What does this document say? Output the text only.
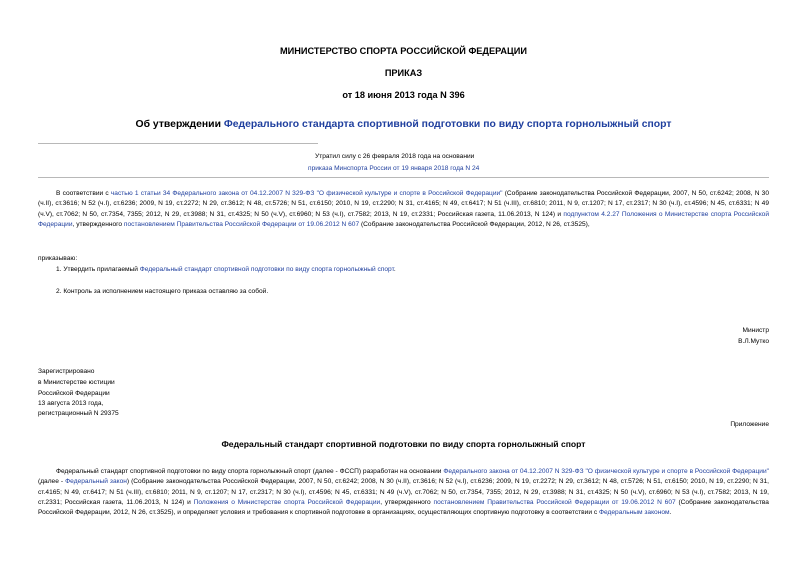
МИНИСТЕРСТВО СПОРТА РОССИЙСКОЙ ФЕДЕРАЦИИ
ПРИКАЗ
от 18 июня 2013 года N 396
Об утверждении Федерального стандарта спортивной подготовки по виду спорта горнолыжный спорт
Утратил силу с 26 февраля 2018 года на основании
приказа Минспорта России от 19 января 2018 года N 24
В соответствии с частью 1 статьи 34 Федерального закона от 04.12.2007 N 329-ФЗ "О физической культуре и спорте в Российской Федерации" (Собрание законодательства Российской Федерации, 2007, N 50, ст.6242; 2008, N 30 (ч.II), ст.3616; N 52 (ч.I), ст.6236; 2009, N 19, ст.2272; N 29, ст.3612; N 48, ст.5726; N 51, ст.6150; 2010, N 19, ст.2290; N 31, ст.4165; N 49, ст.6417; N 51 (ч.III), ст.6810; 2011, N 9, ст.1207; N 17, ст.2317; N 30 (ч.I), ст.4596; N 45, ст.6331; N 49 (ч.V), ст.7062; N 50, ст.7354, 7355; 2012, N 29, ст.3988; N 31, ст.4325; N 50 (ч.V), ст.6960; N 53 (ч.I), ст.7582; 2013, N 19, ст.2331; Российская газета, 11.06.2013, N 124) и подпунктом 4.2.27 Положения о Министерстве спорта Российской Федерации, утвержденного постановлением Правительства Российской Федерации от 19.06.2012 N 607 (Собрание законодательства Российской Федерации, 2012, N 26, ст.3525),
приказываю:
1. Утвердить прилагаемый Федеральный стандарт спортивной подготовки по виду спорта горнолыжный спорт.
2. Контроль за исполнением настоящего приказа оставляю за собой.
Министр
В.Л.Мутко
Зарегистрировано
в Министерстве юстиции
Российской Федерации
13 августа 2013 года,
регистрационный N 29375
Приложение
Федеральный стандарт спортивной подготовки по виду спорта горнолыжный спорт
Федеральный стандарт спортивной подготовки по виду спорта горнолыжный спорт (далее - ФССП) разработан на основании Федерального закона от 04.12.2007 N 329-ФЗ "О физической культуре и спорте в Российской Федерации" (далее - Федеральный закон) (Собрание законодательства Российской Федерации, 2007, N 50, ст.6242; 2008, N 30 (ч.II), ст.3616; N 52 (ч.I), ст.6236; 2009, N 19, ст.2272; N 29, ст.3612; N 48, ст.5726; N 51, ст.6150; 2010, N 19, ст.2290; N 31, ст.4165; N 49, ст.6417; N 51 (ч.III), ст.6810; 2011, N 9, ст.1207; N 17, ст.2317; N 30 (ч.I), ст.4596; N 45, ст.6331; N 49 (ч.V), ст.7062; N 50, ст.7354, 7355; 2012, N 29, ст.3988; N 31, ст.4325; N 50 (ч.V), ст.6960; N 53 (ч.I), ст.7582; 2013, N 19, ст.2331; Российская газета, 11.06.2013, N 124) и Положения о Министерстве спорта Российской Федерации, утвержденного постановлением Правительства Российской Федерации от 19.06.2012 N 607 (Собрание законодательства Российской Федерации, 2012, N 26, ст.3525), и определяет условия и требования к спортивной подготовке в организациях, осуществляющих спортивную подготовку в соответствии с Федеральным законом.
